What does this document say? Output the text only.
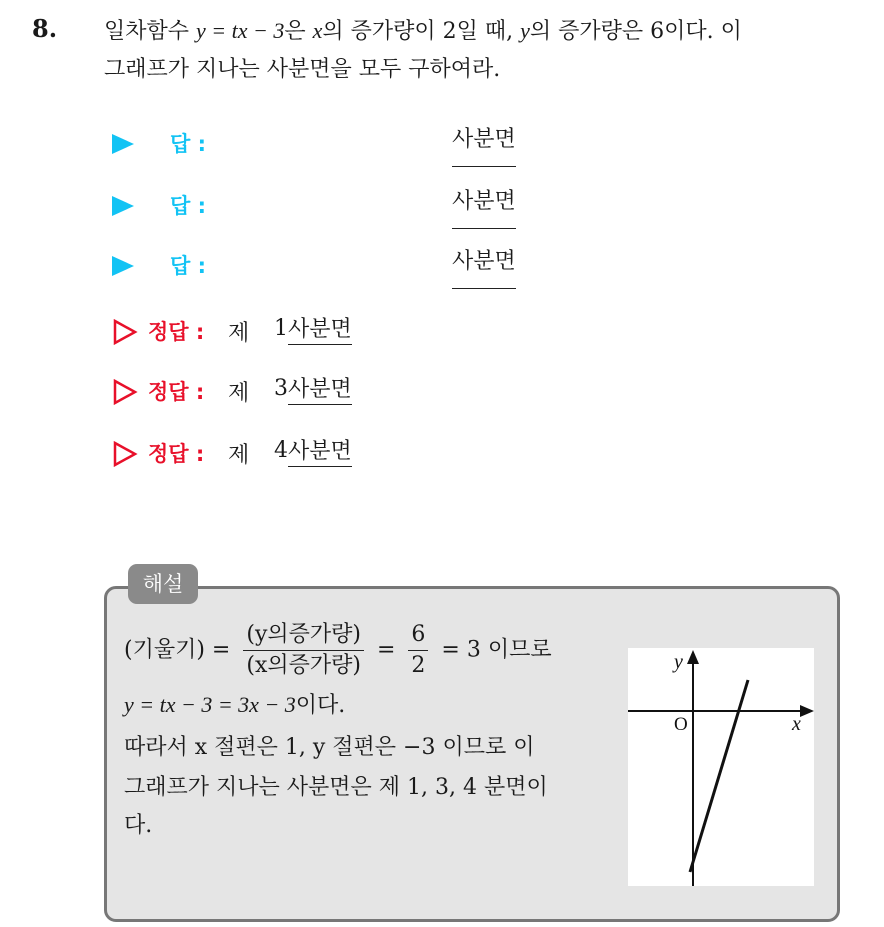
8. 일차함수 y = tx − 3은 x의 증가량이 2일 때, y의 증가량은 6이다. 이
그래프가 지나는 사분면을 모두 구하여라.
답 :	사분면
답 :	사분면
답 :	사분면
정답 : 제 1 사분면
정답 : 제 3 사분면
정답 : 제 4 사분면
해설
(기울기) = $\frac{\text{(y의증가량)}}{\text{(x의증가량)}} = \frac{6}{2} = 3$ 이므로
y = tx − 3 = 3x − 3이다.
따라서 x 절편은 1, y 절편은 −3 이므로 이
그래프가 지나는 사분면은 제 1, 3, 4 분면이
다.
y
x
O
